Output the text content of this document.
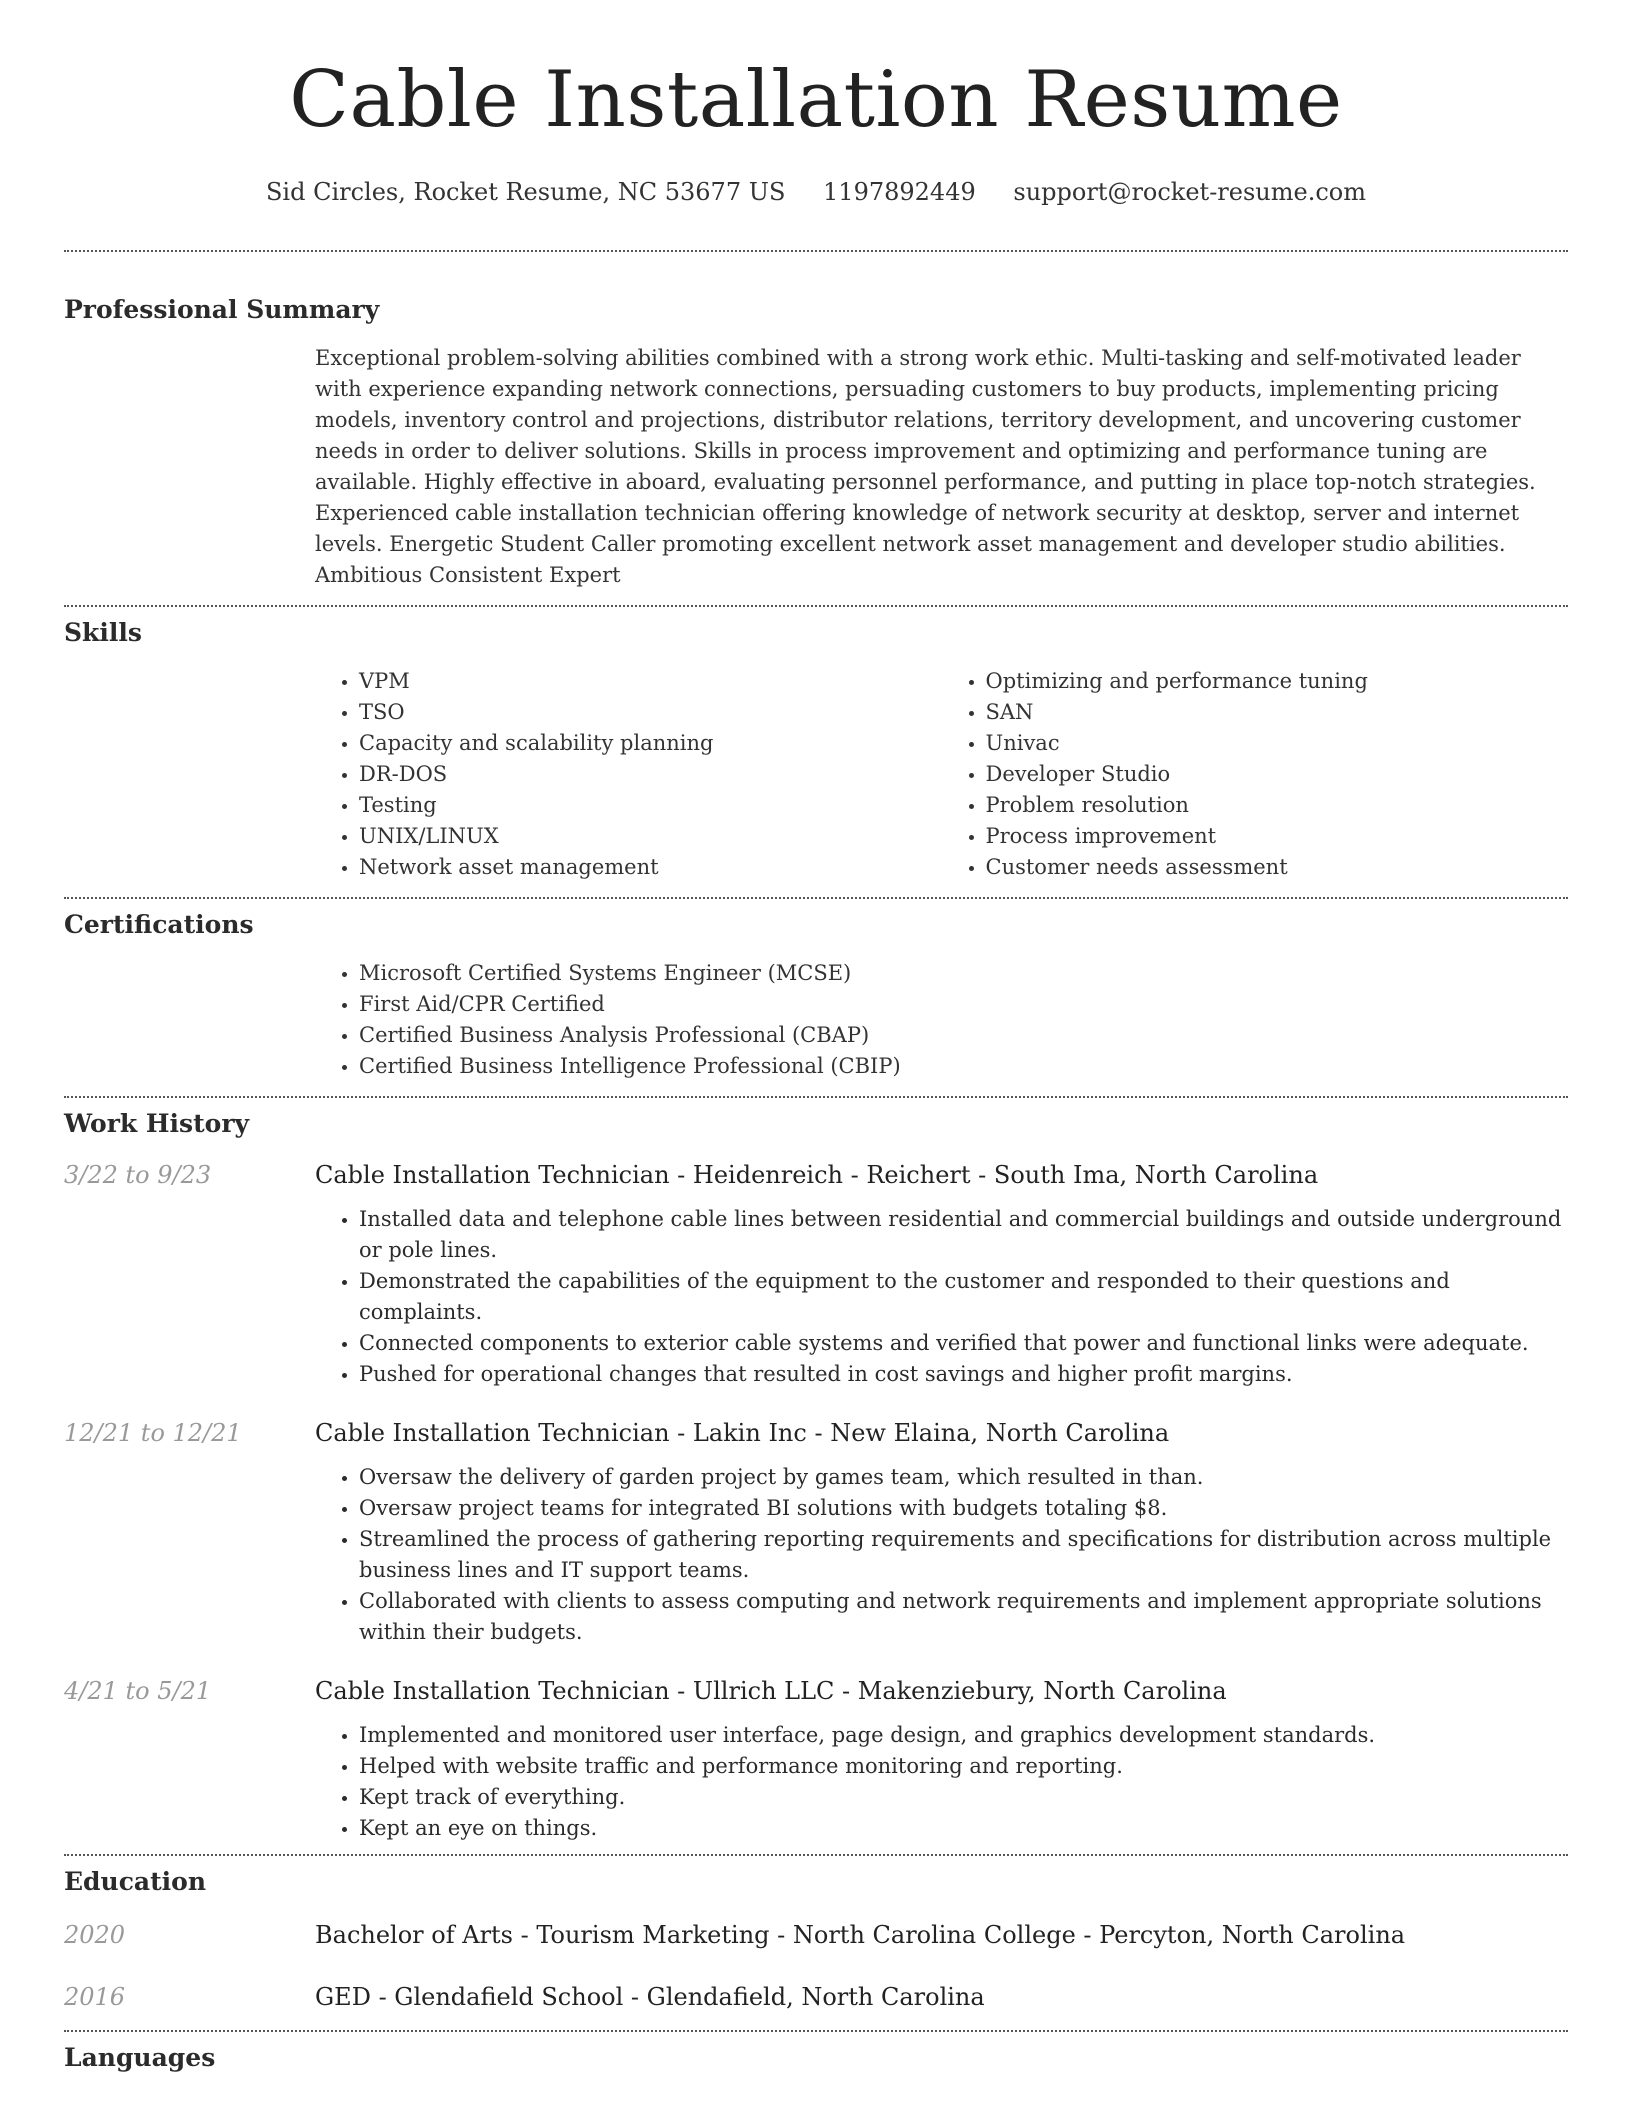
Cable Installation Resume
Sid Circles, Rocket Resume, NC 53677 US 1197892449 support@rocket-resume.com
Professional Summary

Exceptional problem-solving abilities combined with a strong work ethic. Multi-tasking and self-motivated leader with experience expanding network connections, persuading customers to buy products, implementing pricing models, inventory control and projections, distributor relations, territory development, and uncovering customer needs in order to deliver solutions. Skills in process improvement and optimizing and performance tuning are available. Highly effective in aboard, evaluating personnel performance, and putting in place top-notch strategies. Experienced cable installation technician offering knowledge of network security at desktop, server and internet levels. Energetic Student Caller promoting excellent network asset management and developer studio abilities. Ambitious Consistent Expert

Skills
• VPM
• TSO
• Capacity and scalability planning
• DR-DOS
• Testing
• UNIX/LINUX
• Network asset management
• Optimizing and performance tuning
• SAN
• Univac
• Developer Studio
• Problem resolution
• Process improvement
• Customer needs assessment
Certifications
• Microsoft Certified Systems Engineer (MCSE)
• First Aid/CPR Certified
• Certified Business Analysis Professional (CBAP)
• Certified Business Intelligence Professional (CBIP)
Work History
3/22 to 9/23	Cable Installation Technician - Heidenreich - Reichert - South Ima, North Carolina
• Installed data and telephone cable lines between residential and commercial buildings and outside underground or pole lines.
• Demonstrated the capabilities of the equipment to the customer and responded to their questions and complaints.
• Connected components to exterior cable systems and verified that power and functional links were adequate.
• Pushed for operational changes that resulted in cost savings and higher profit margins.
12/21 to 12/21	Cable Installation Technician - Lakin Inc - New Elaina, North Carolina
• Oversaw the delivery of garden project by games team, which resulted in than.
• Oversaw project teams for integrated BI solutions with budgets totaling $8.
• Streamlined the process of gathering reporting requirements and specifications for distribution across multiple business lines and IT support teams.
• Collaborated with clients to assess computing and network requirements and implement appropriate solutions within their budgets.
4/21 to 5/21	Cable Installation Technician - Ullrich LLC - Makenziebury, North Carolina
• Implemented and monitored user interface, page design, and graphics development standards.
• Helped with website traffic and performance monitoring and reporting.
• Kept track of everything.
• Kept an eye on things.
Education
2020	Bachelor of Arts - Tourism Marketing - North Carolina College - Percyton, North Carolina
2016	GED - Glendafield School - Glendafield, North Carolina
Languages
